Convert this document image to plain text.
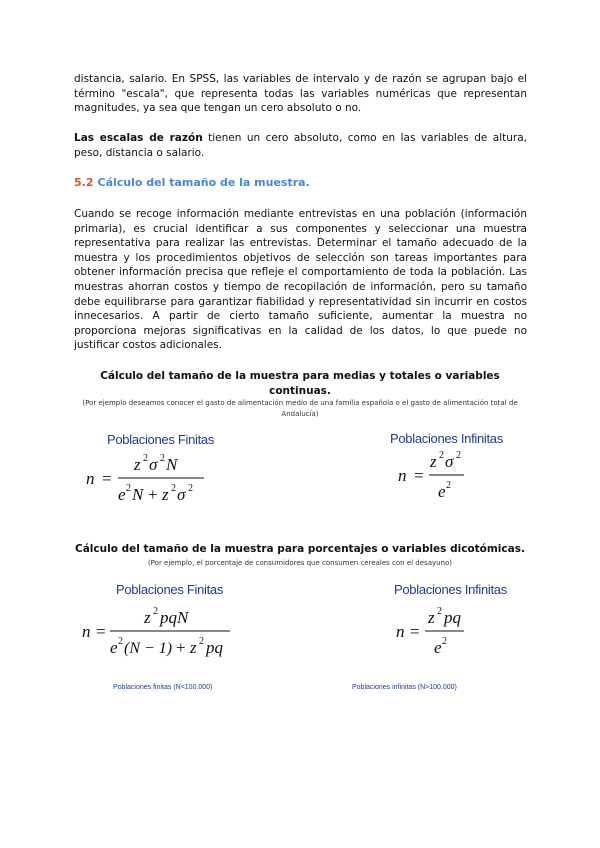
distancia, salario. En SPSS, las variables de intervalo y de razón se agrupan bajo el término "escala", que representa todas las variables numéricas que representan magnitudes, ya sea que tengan un cero absoluto o no.

Las escalas de razón tienen un cero absoluto, como en las variables de altura, peso, distancia o salario.

5.2 Cálculo del tamaño de la muestra.

Cuando se recoge información mediante entrevistas en una población (información primaria), es crucial identificar a sus componentes y seleccionar una muestra representativa para realizar las entrevistas. Determinar el tamaño adecuado de la muestra y los procedimientos objetivos de selección son tareas importantes para obtener información precisa que refleje el comportamiento de toda la población. Las muestras ahorran costos y tiempo de recopilación de información, pero su tamaño debe equilibrarse para garantizar fiabilidad y representatividad sin incurrir en costos innecesarios. A partir de cierto tamaño suficiente, aumentar la muestra no proporciona mejoras significativas en la calidad de los datos, lo que puede no justificar costos adicionales.

Cálculo del tamaño de la muestra para medias y totales o variables continuas.

(Por ejemplo deseamos conocer el gasto de alimentación medio de una familia española o el gasto de alimentación total de Andalucía)

Poblaciones Finitas	Poblaciones Infinitas

n =
z 2 σ 2 N
e 2 N + z 2 σ 2
n =
z 2 σ 2
e 2

Cálculo del tamaño de la muestra para porcentajes o variables dicotómicas.

(Por ejemplo, el porcentaje de consumidores que consumen cereales con el desayuno)

Poblaciones Finitas	Poblaciones Infinitas

n =
z 2 pqN
e 2 (N − 1) + z 2 pq
n =
z 2 pq
e 2

Poblaciones finitas (N<100.000)	Poblaciones infinitas (N>100.000)
